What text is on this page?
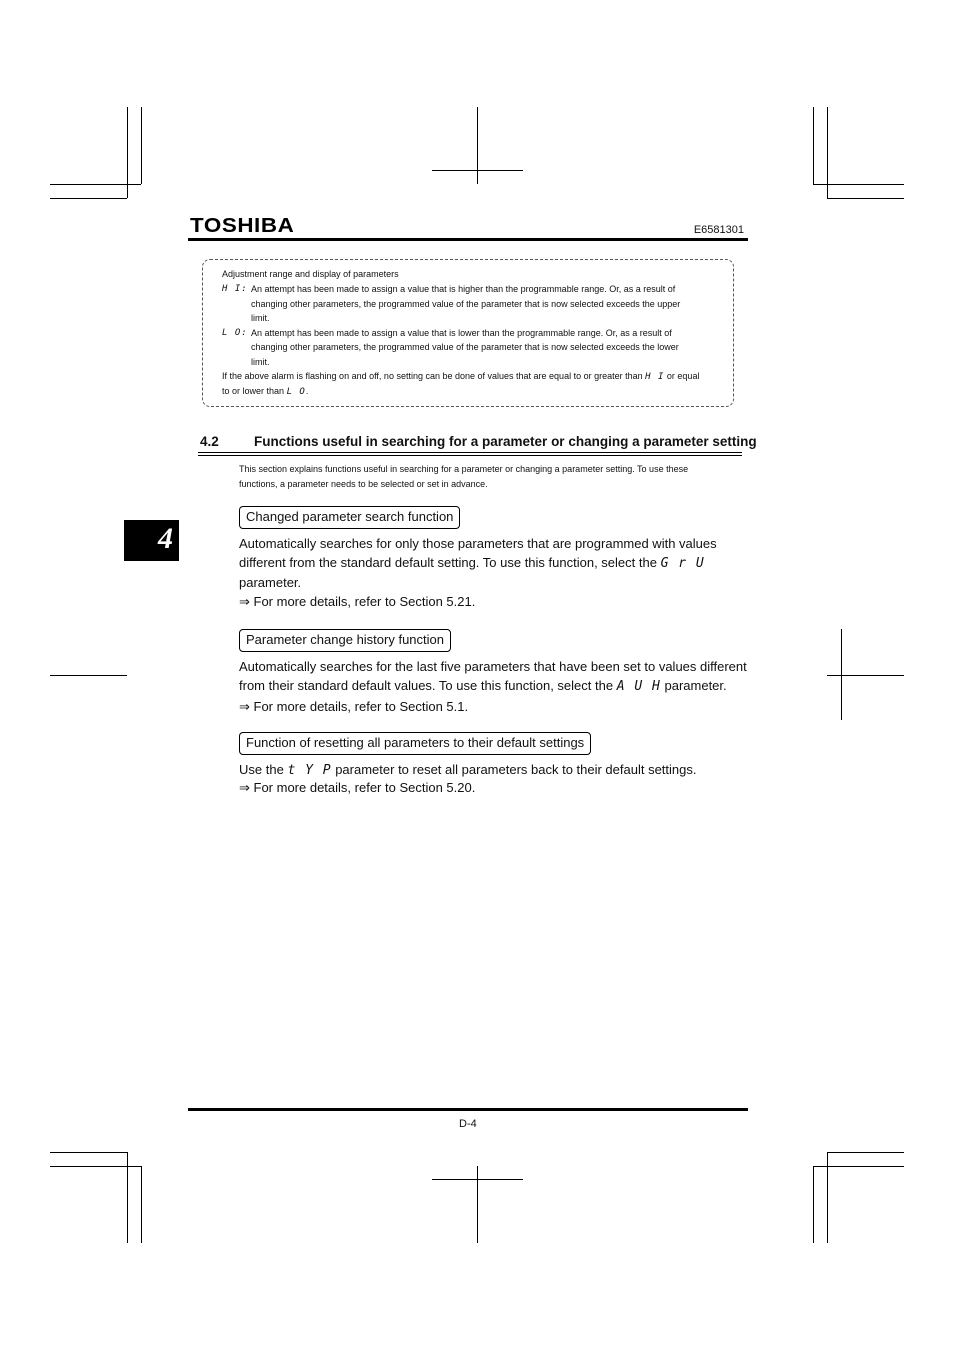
TOSHIBA	E6581301
Adjustment range and display of parameters
H I: An attempt has been made to assign a value that is higher than the programmable range. Or, as a result of
changing other parameters, the programmed value of the parameter that is now selected exceeds the upper
limit.
L O: An attempt has been made to assign a value that is lower than the programmable range. Or, as a result of
changing other parameters, the programmed value of the parameter that is now selected exceeds the lower
limit.
If the above alarm is flashing on and off, no setting can be done of values that are equal to or greater than H I or equal
to or lower than L O.
4.2	Functions useful in searching for a parameter or changing a parameter setting
This section explains functions useful in searching for a parameter or changing a parameter setting. To use these
functions, a parameter needs to be selected or set in advance.
4
Changed parameter search function
Automatically searches for only those parameters that are programmed with values
different from the standard default setting. To use this function, select the G r U
parameter.
⇒ For more details, refer to Section 5.21.
Parameter change history function
Automatically searches for the last five parameters that have been set to values different
from their standard default values. To use this function, select the A U H parameter.
⇒ For more details, refer to Section 5.1.
Function of resetting all parameters to their default settings
Use the t Y P parameter to reset all parameters back to their default settings.
⇒ For more details, refer to Section 5.20.
D-4
